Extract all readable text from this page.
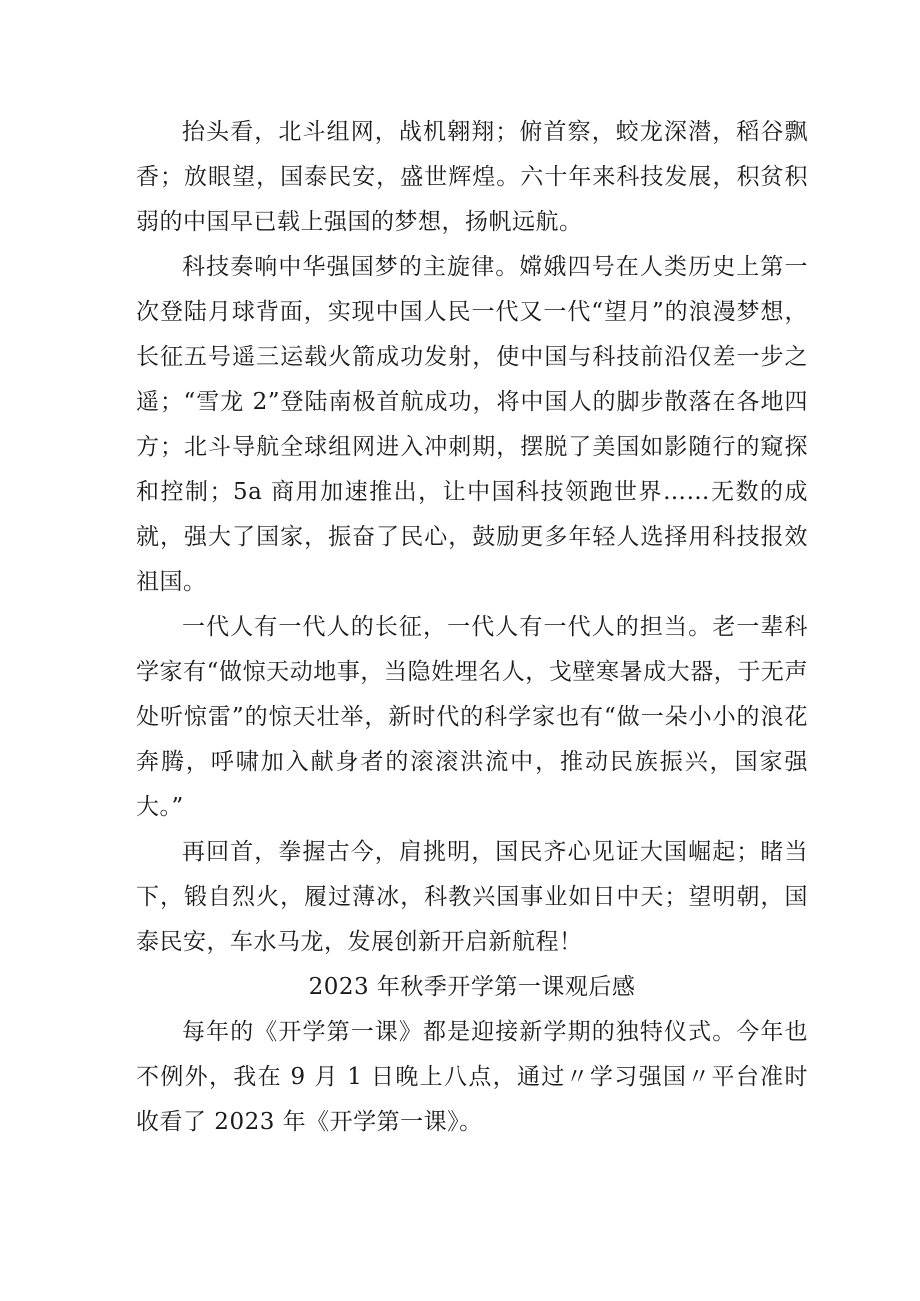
抬头看，北斗组网，战机翱翔；俯首察，蛟龙深潜，稻谷飘香；放眼望，国泰民安，盛世辉煌。六十年来科技发展，积贫积弱的中国早已载上强国的梦想，扬帆远航。

科技奏响中华强国梦的主旋律。嫦娥四号在人类历史上第一次登陆月球背面，实现中国人民一代又一代“望月”的浪漫梦想，长征五号遥三运载火箭成功发射，使中国与科技前沿仅差一步之遥；“雪龙 2”登陆南极首航成功，将中国人的脚步散落在各地四方；北斗导航全球组网进入冲刺期，摆脱了美国如影随行的窥探和控制；5a 商用加速推出，让中国科技领跑世界……无数的成就，强大了国家，振奋了民心，鼓励更多年轻人选择用科技报效祖国。

一代人有一代人的长征，一代人有一代人的担当。老一辈科学家有“做惊天动地事，当隐姓埋名人，戈壁寒暑成大器，于无声处听惊雷”的惊天壮举，新时代的科学家也有“做一朵小小的浪花奔腾，呼啸加入献身者的滚滚洪流中，推动民族振兴，国家强大。”

再回首，拳握古今，肩挑明，国民齐心见证大国崛起；睹当下，锻自烈火，履过薄冰，科教兴国事业如日中天；望明朝，国泰民安，车水马龙，发展创新开启新航程！

2023 年秋季开学第一课观后感

每年的《开学第一课》都是迎接新学期的独特仪式。今年也不例外，我在 9 月 1 日晚上八点，通过〃学习强国〃平台准时收看了 2023 年《开学第一课》。
